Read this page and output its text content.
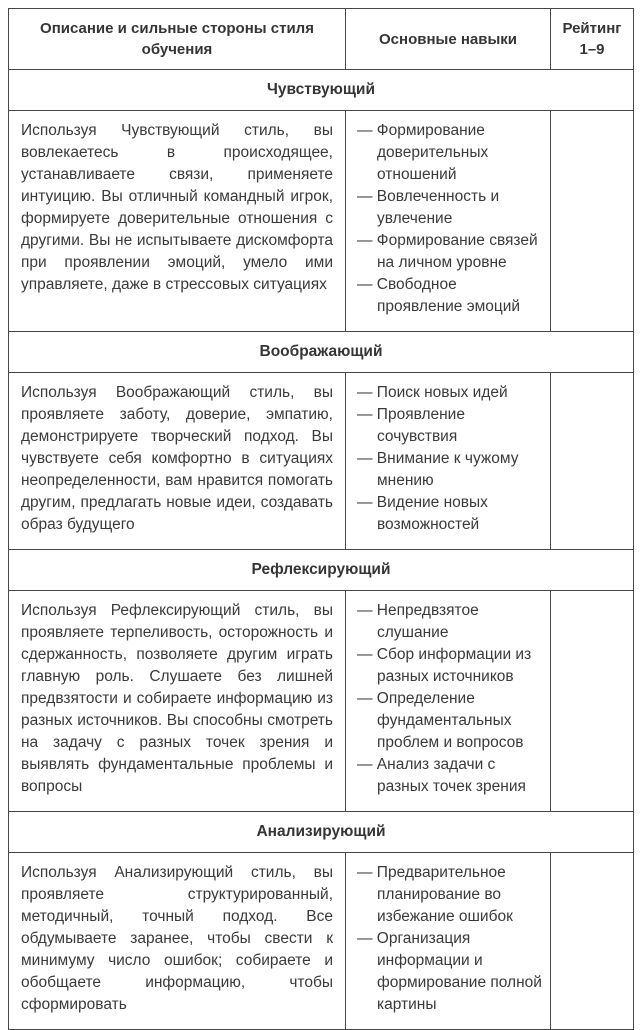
Описание и сильные стороны стиля обучения	Основные навыки	Рейтинг 1–9
Чувствующий		
Используя Чувствующий стиль, вы вовлекаетесь в происходящее, устанавливаете связи, применяете интуицию. Вы отличный командный игрок, формируете доверительные отношения с другими. Вы не испытываете дискомфорта при проявлении эмоций, умело ими управляете, даже в стрессовых ситуациях	
— Формирование доверительных отношений
— Вовлеченность и увлечение
— Формирование связей на личном уровне
— Свободное проявление эмоций

Воображающий		
Используя Воображающий стиль, вы проявляете заботу, доверие, эмпатию, демонстрируете творческий подход. Вы чувствуете себя комфортно в ситуациях неопределенности, вам нравится помогать другим, предлагать новые идеи, создавать образ будущего	
— Поиск новых идей
— Проявление сочувствия
— Внимание к чужому мнению
— Видение новых возможностей

Рефлексирующий		
Используя Рефлексирующий стиль, вы проявляете терпеливость, осторожность и сдержанность, позволяете другим играть главную роль. Слушаете без лишней предвзятости и собираете информацию из разных источников. Вы способны смотреть на задачу с разных точек зрения и выявлять фундаментальные проблемы и вопросы	
— Непредвзятое слушание
— Сбор информации из разных источников
— Определение фундаментальных проблем и вопросов
— Анализ задачи с разных точек зрения

Анализирующий		
Используя Анализирующий стиль, вы проявляете структурированный, методичный, точный подход. Все обдумываете заранее, чтобы свести к минимуму число ошибок; собираете и обобщаете информацию, чтобы сформировать	— Предварительное планирование во избежание ошибок
— Организация информации и формирование полной картины	
